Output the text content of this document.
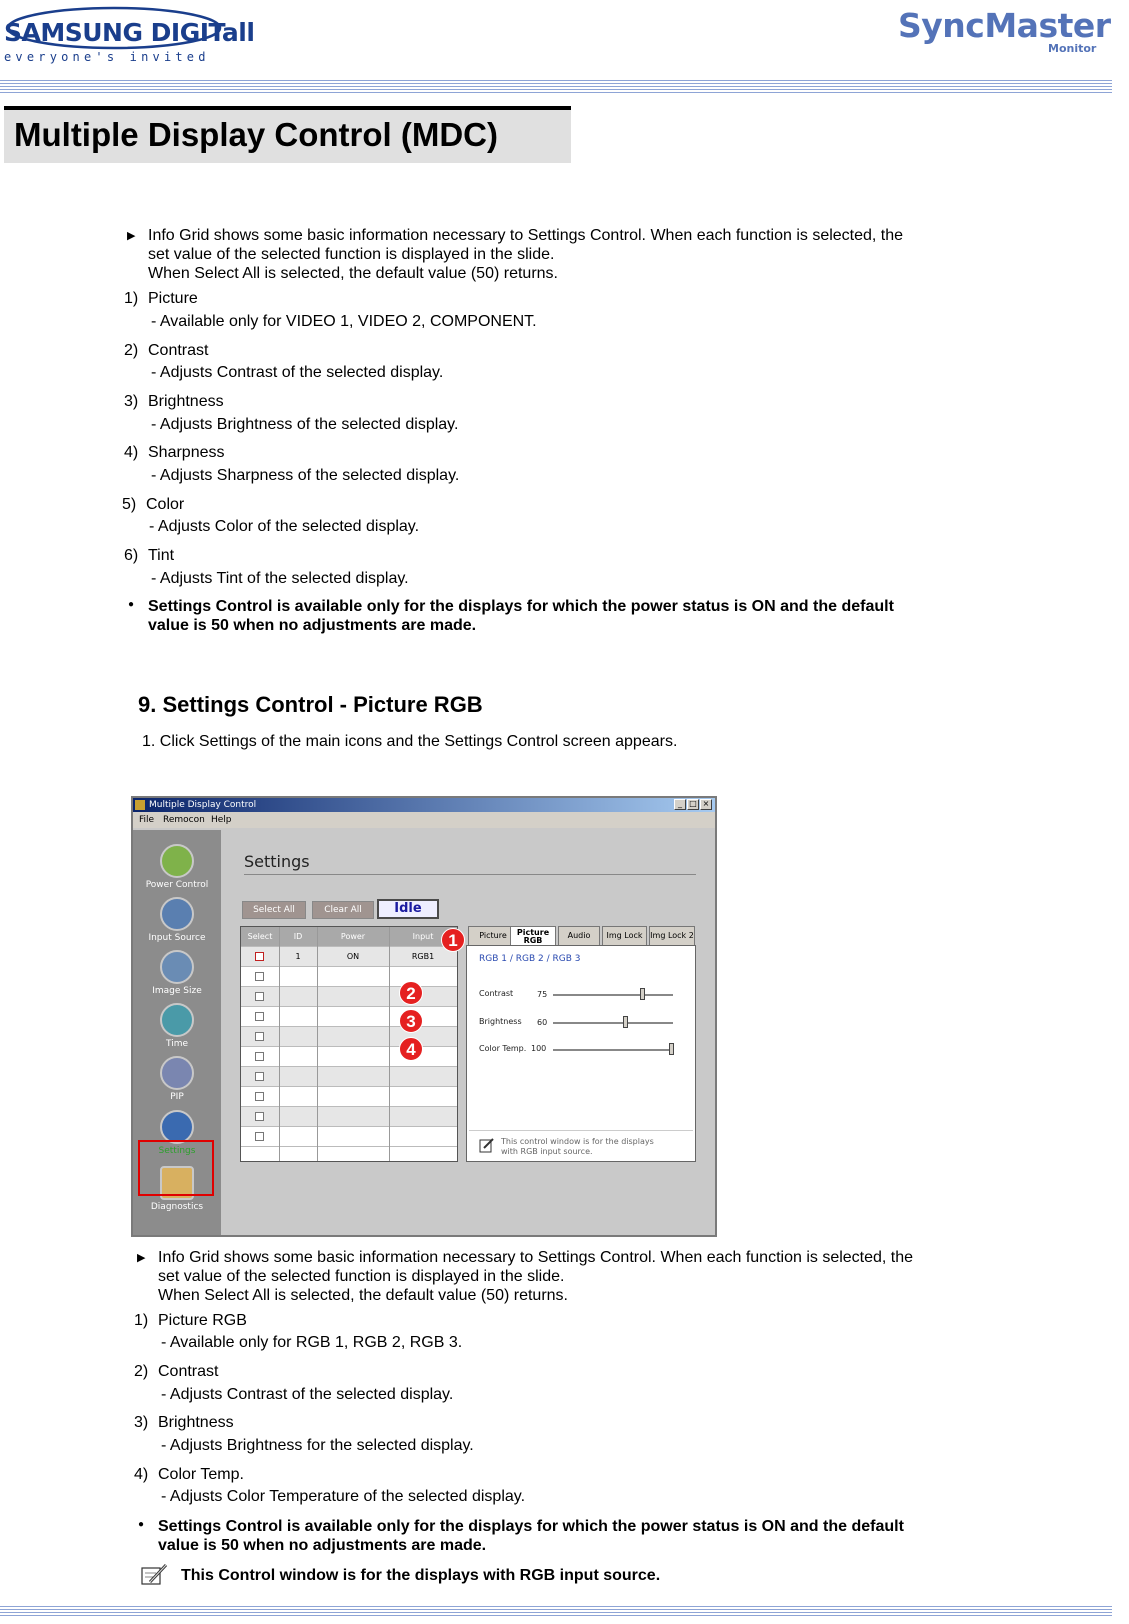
SAMSUNG DIGITall
everyone's invited
SyncMaster
Monitor
Multiple Display Control (MDC)
▶ Info Grid shows some basic information necessary to Settings Control. When each function is selected, the
set value of the selected function is displayed in the slide.
When Select All is selected, the default value (50) returns.
1) Picture
- Available only for VIDEO 1, VIDEO 2, COMPONENT.
2) Contrast
- Adjusts Contrast of the selected display.
3) Brightness
- Adjusts Brightness of the selected display.
4) Sharpness
- Adjusts Sharpness of the selected display.
5) Color
- Adjusts Color of the selected display.
6) Tint
- Adjusts Tint of the selected display.
● Settings Control is available only for the displays for which the power status is ON and the default
value is 50 when no adjustments are made.
9. Settings Control - Picture RGB
1. Click Settings of the main icons and the Settings Control screen appears.
Multiple Display Control	_ □ ×
File Remocon Help
Power Control
Input Source
Image Size
Time
PIP
Settings
Diagnostics
Settings
Select All	Clear All	Idle
Select	ID	Power	Input
1	ON	RGB1
Picture	Picture RGB
Audio	Img Lock Img Lock 2
RGB 1 / RGB 2 / RGB 3
Contrast	75
Brightness 60
Color Temp. 100
This control window is for the displays
with RGB input source.
1
2
3
4
▶ Info Grid shows some basic information necessary to Settings Control. When each function is selected, the
set value of the selected function is displayed in the slide.
When Select All is selected, the default value (50) returns.
1) Picture RGB
- Available only for RGB 1, RGB 2, RGB 3.
2) Contrast
- Adjusts Contrast of the selected display.
3) Brightness
- Adjusts Brightness for the selected display.
4) Color Temp.
- Adjusts Color Temperature of the selected display.
● Settings Control is available only for the displays for which the power status is ON and the default
value is 50 when no adjustments are made.
This Control window is for the displays with RGB input source.
